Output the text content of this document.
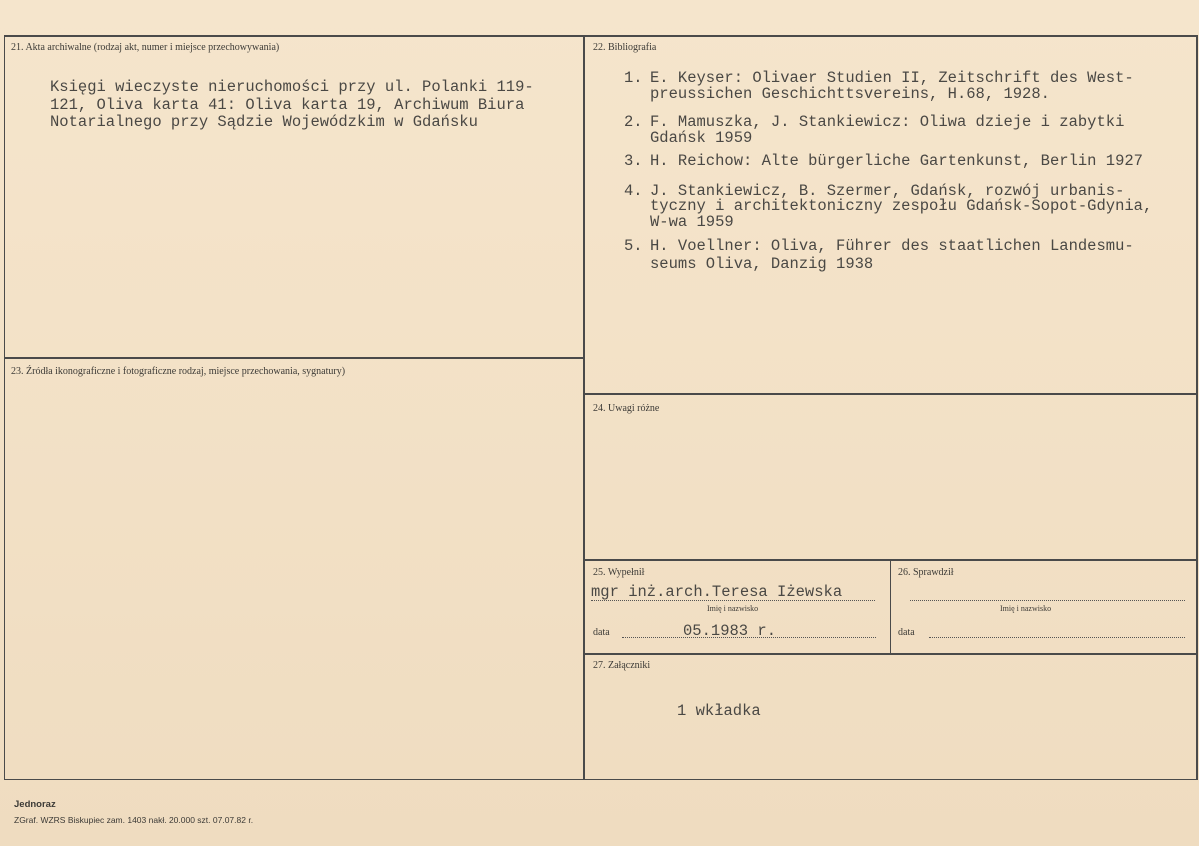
21. Akta archiwalne (rodzaj akt, numer i miejsce przechowywania)
Księgi wieczyste nieruchomości przy ul. Polanki 119-
121, Oliva karta 41: Oliva karta 19, Archiwum Biura
Notarialnego przy Sądzie Wojewódzkim w Gdańsku
22. Bibliografia
1. E. Keyser: Olivaer Studien II, Zeitschrift des West-
preussichen Geschichttsvereins, H.68, 1928.
2. F. Mamuszka, J. Stankiewicz: Oliwa dzieje i zabytki
Gdańsk 1959
3. H. Reichow: Alte bürgerliche Gartenkunst, Berlin 1927
4. J. Stankiewicz, B. Szermer, Gdańsk, rozwój urbanis-
tyczny i architektoniczny zespołu Gdańsk-Sopot-Gdynia,
W-wa 1959
5. H. Voellner: Oliva, Führer des staatlichen Landesmu-
seums Oliva, Danzig 1938
23. Źródła ikonograficzne i fotograficzne rodzaj, miejsce przechowania, sygnatury)
24. Uwagi różne
25. Wypełnił
mgr inż.arch.Teresa Iżewska
Imię i nazwisko
data	05.1983 r.
26. Sprawdził
Imię i nazwisko
data
27. Załączniki
1 wkładka
Jednoraz
ZGraf. WZRS Biskupiec zam. 1403 nakł. 20.000 szt. 07.07.82 r.
